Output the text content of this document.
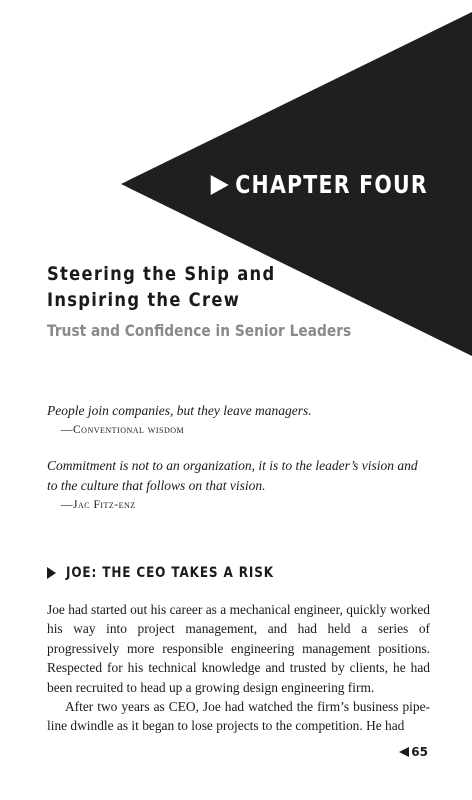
CHAPTER FOUR
Steering the Ship and
Inspiring the Crew
Trust and Confidence in Senior Leaders
People join companies, but they leave managers.
—Conventional wisdom
Commitment is not to an organization, it is to the leader’s vision and to the culture that follows on that vision.
—Jac Fitz-enz
JOE: THE CEO TAKES A RISK

Joe had started out his career as a mechanical engineer, quickly worked his way into project management, and had held a series of progressively more responsible engineering management positions. Respected for his technical knowledge and trusted by clients, he had been recruited to head up a growing design engineering firm.

After two years as CEO, Joe had watched the firm’s business pipe-line dwindle as it began to lose projects to the competition. He had

65
